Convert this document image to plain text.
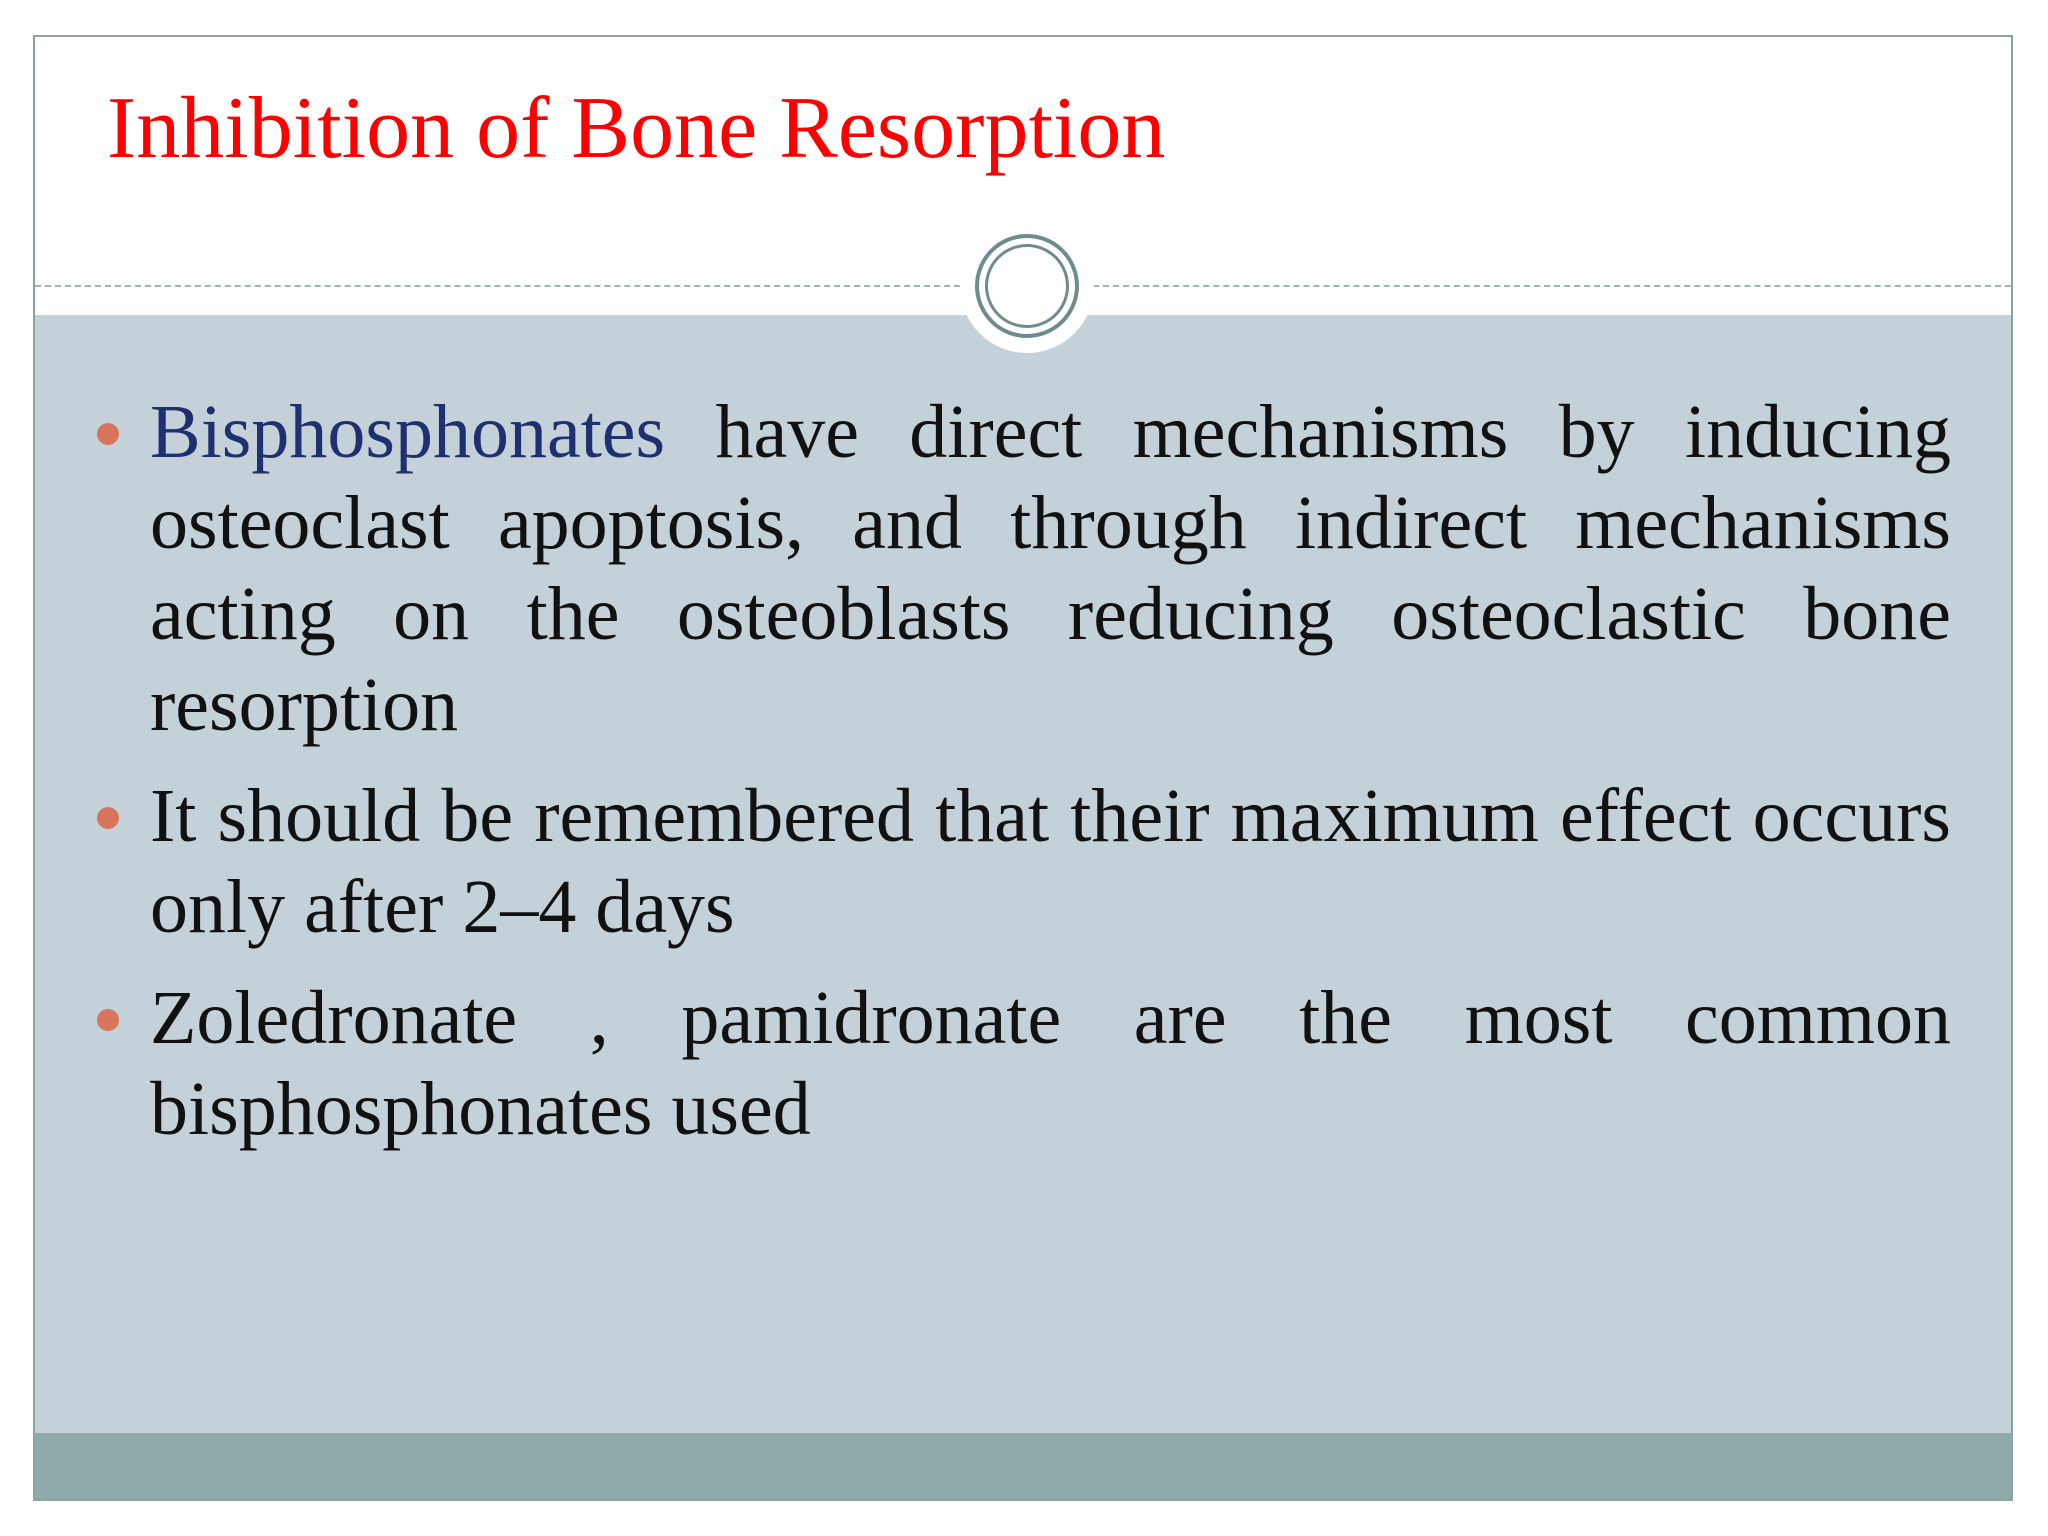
Inhibition of Bone Resorption

Bisphosphonates have direct mechanisms by inducing osteoclast apoptosis, and through indirect mechanisms acting on the osteoblasts reducing osteoclastic bone resorption

It should be remembered that their maximum effect occurs only after 2–4 days

Zoledronate , pamidronate are the most common bisphosphonates used
